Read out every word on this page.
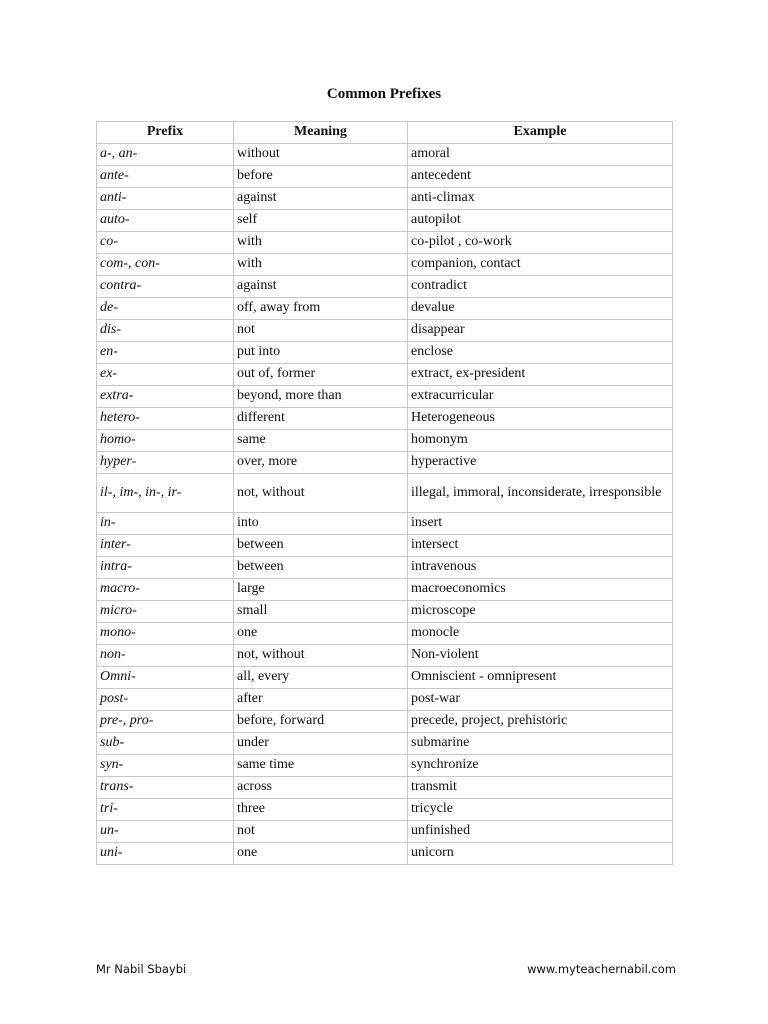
Common Prefixes
Prefix	Meaning	Example
a-, an-	without	amoral
ante-	before	antecedent
anti-	against	anti-climax
auto-	self	autopilot
co-	with	co-pilot , co-work
com-, con-	with	companion, contact
contra-	against	contradict
de-	off, away from	devalue
dis-	not	disappear
en-	put into	enclose
ex-	out of, former	extract, ex-president
extra-	beyond, more than	extracurricular
hetero-	different	Heterogeneous
homo-	same	homonym
hyper-	over, more	hyperactive
il-, im-, in-, ir-	not, without	illegal, immoral, inconsiderate, irresponsible
in-	into	insert
inter-	between	intersect
intra-	between	intravenous
macro-	large	macroeconomics
micro-	small	microscope
mono-	one	monocle
non-	not, without	Non-violent
Omni-	all, every	Omniscient - omnipresent
post-	after	post-war
pre-, pro-	before, forward	precede, project, prehistoric
sub-	under	submarine
syn-	same time	synchronize
trans-	across	transmit
tri-	three	tricycle
un-	not	unfinished
uni-	one	unicorn
Mr Nabil Sbaybi	www.myteachernabil.com
